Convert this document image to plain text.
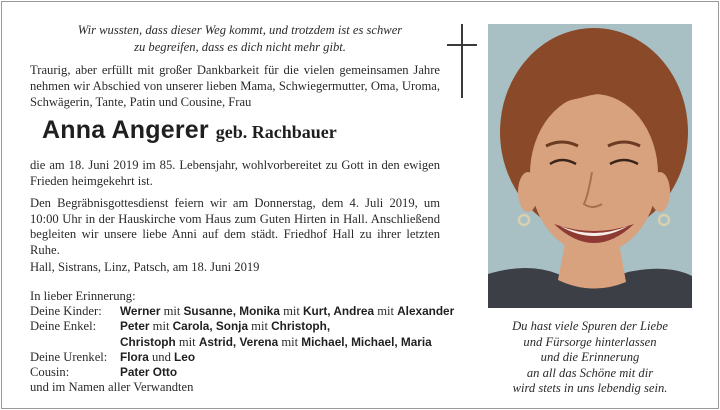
Wir wussten, dass dieser Weg kommt, und trotzdem ist es schwer
zu begreifen, dass es dich nicht mehr gibt.
Traurig, aber erfüllt mit großer Dankbarkeit für die vielen gemeinsamen Jahre nehmen wir Abschied von unserer lieben Mama, Schwiegermutter, Oma, Uroma, Schwägerin, Tante, Patin und Cousine, Frau
Anna Angerer geb. Rachbauer
die am 18. Juni 2019 im 85. Lebensjahr, wohlvorbereitet zu Gott in den ewigen Frieden heimgekehrt ist.
Den Begräbnisgottesdienst feiern wir am Donnerstag, dem 4. Juli 2019, um 10:00 Uhr in der Hauskirche vom Haus zum Guten Hirten in Hall. Anschließend begleiten wir unsere liebe Anni auf dem städt. Friedhof Hall zu ihrer letzten Ruhe.
Hall, Sistrans, Linz, Patsch, am 18. Juni 2019
In lieber Erinnerung:
Deine Kinder: Werner mit Susanne, Monika mit Kurt, Andrea mit Alexander
Deine Enkel: Peter mit Carola, Sonja mit Christoph,
Christoph mit Astrid, Verena mit Michael, Michael, Maria
Deine Urenkel: Flora und Leo
Cousin:	Pater Otto
und im Namen aller Verwandten
Du hast viele Spuren der Liebe
und Fürsorge hinterlassen
und die Erinnerung
an all das Schöne mit dir
wird stets in uns lebendig sein.
